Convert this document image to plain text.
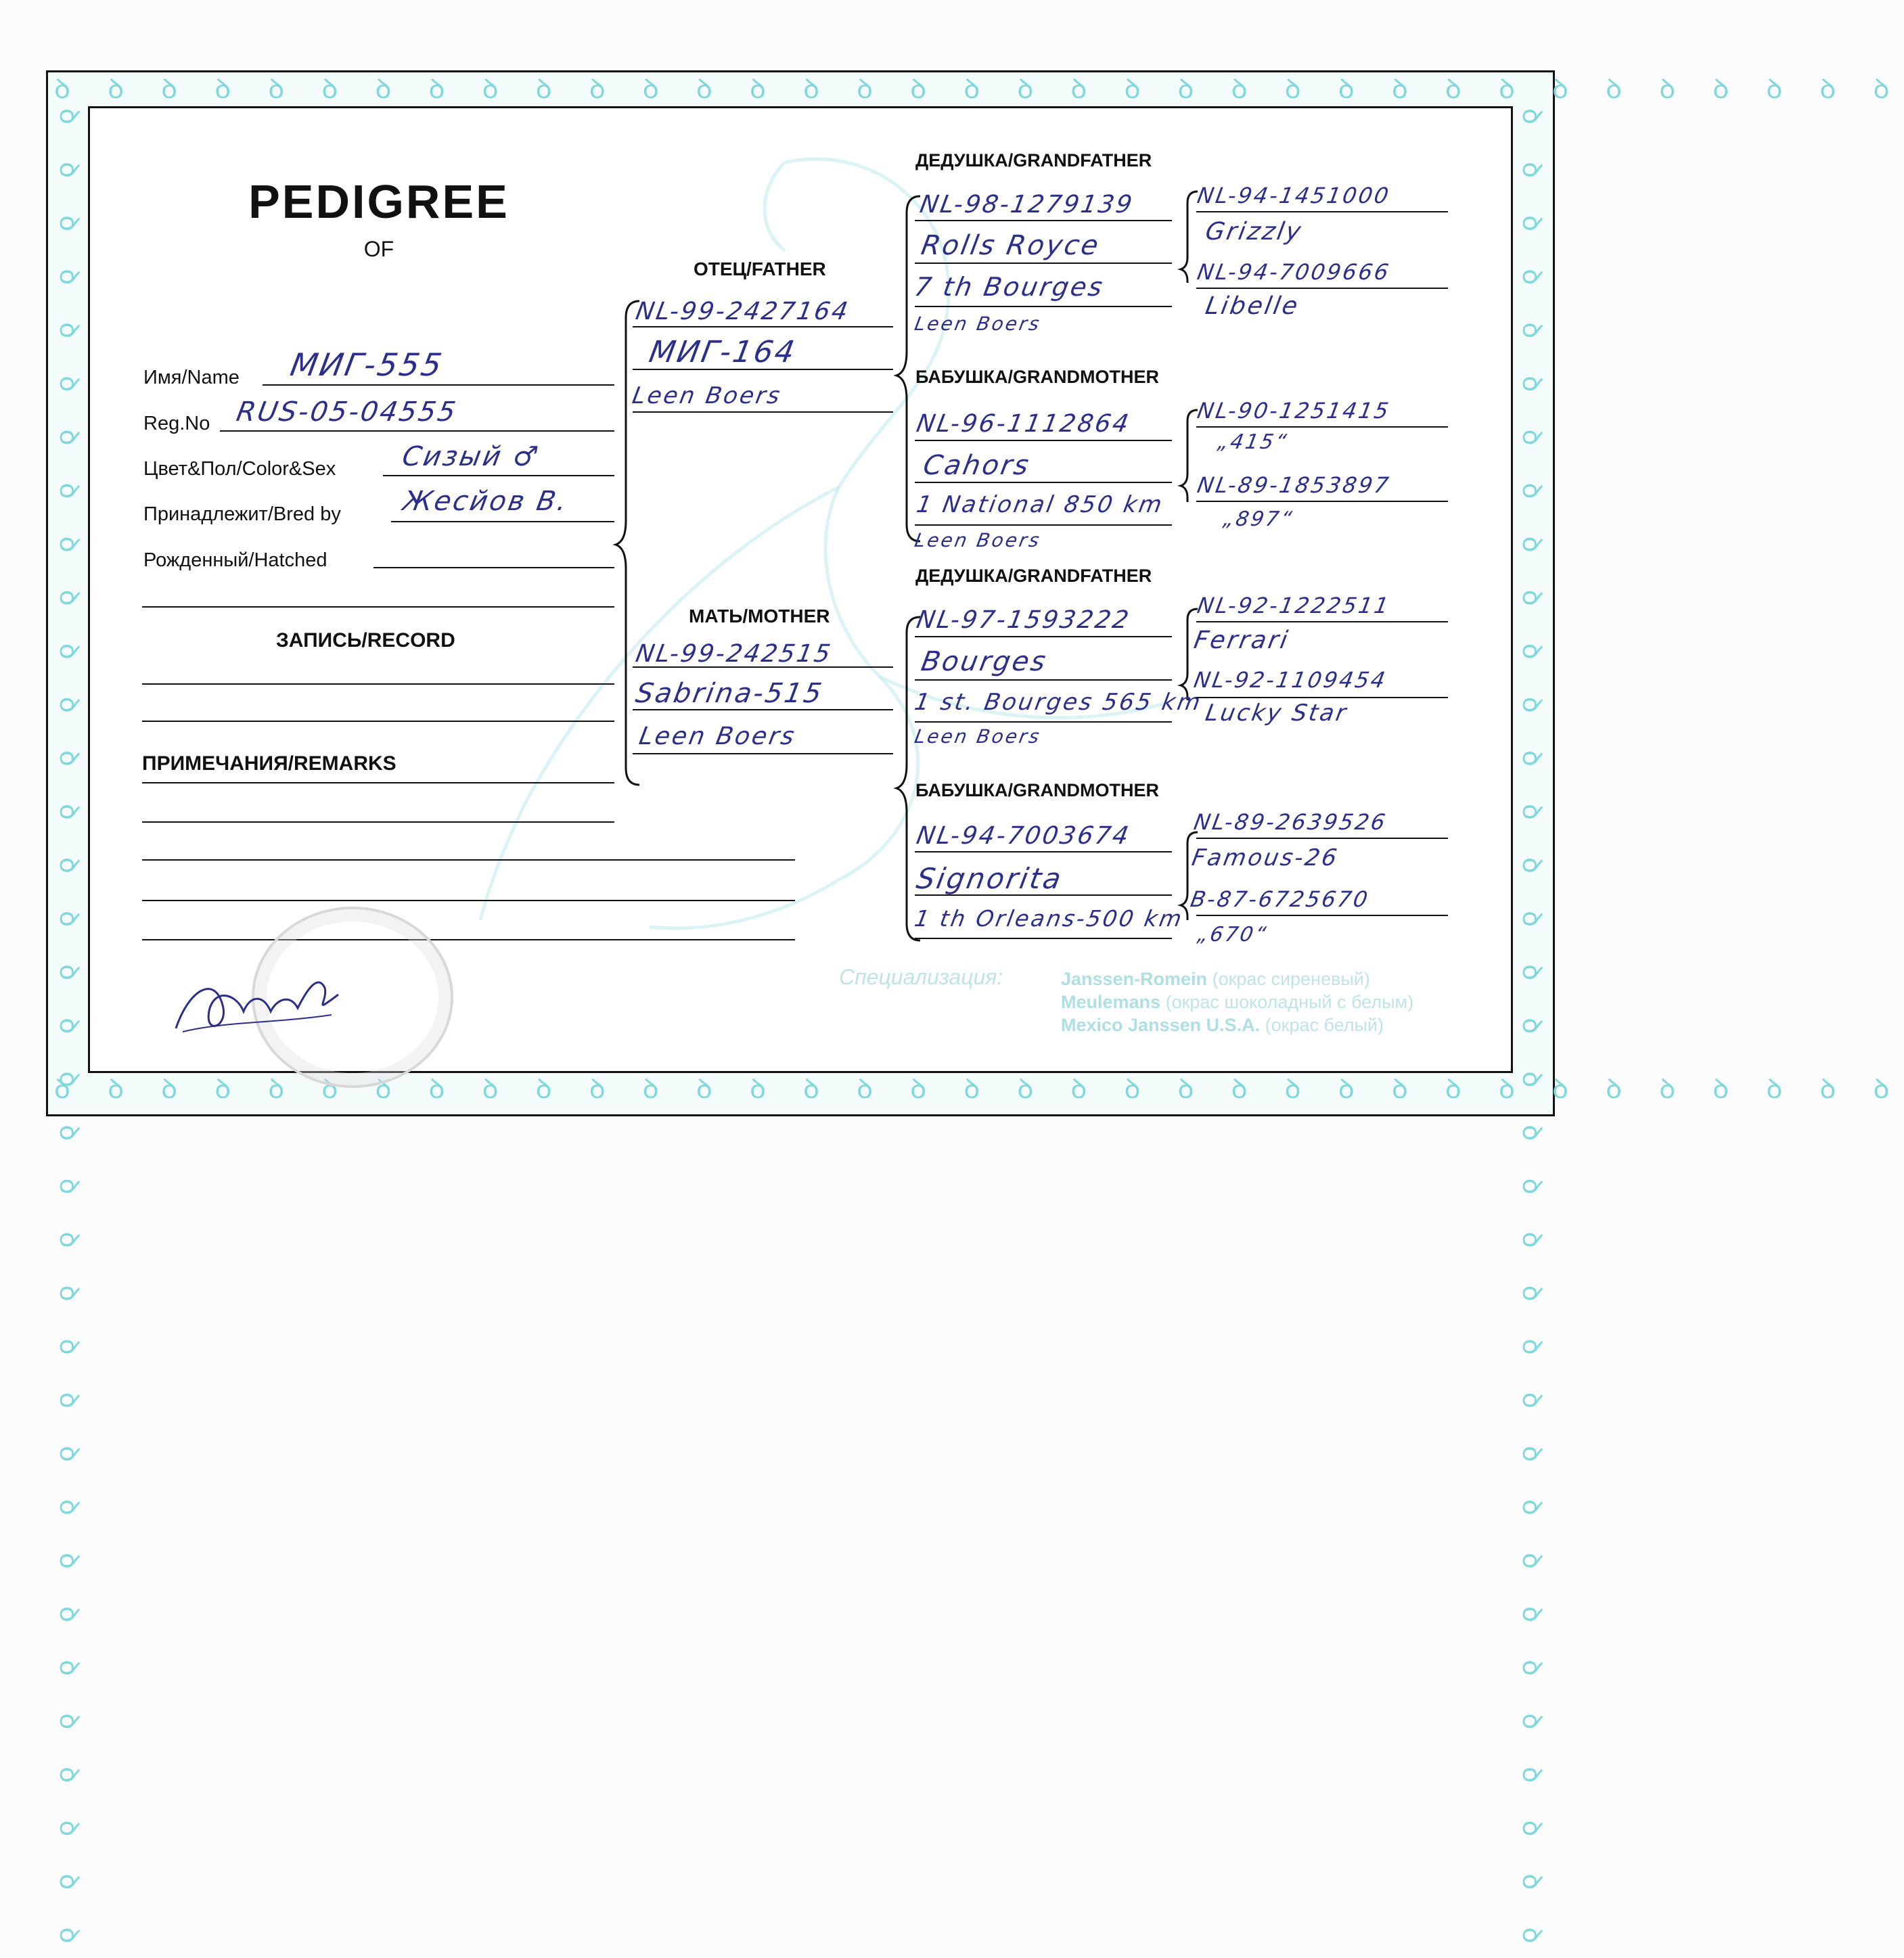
ꝺ ꝺ ꝺ ꝺ ꝺ ꝺ ꝺ ꝺ ꝺ ꝺ ꝺ ꝺ ꝺ ꝺ ꝺ ꝺ ꝺ ꝺ ꝺ ꝺ ꝺ ꝺ ꝺ ꝺ ꝺ ꝺ ꝺ ꝺ ꝺ ꝺ ꝺ ꝺ ꝺ ꝺ ꝺ
ꝺ ꝺ ꝺ ꝺ ꝺ ꝺ ꝺ ꝺ ꝺ ꝺ ꝺ ꝺ ꝺ ꝺ ꝺ ꝺ ꝺ ꝺ ꝺ ꝺ ꝺ ꝺ ꝺ ꝺ ꝺ ꝺ ꝺ ꝺ ꝺ ꝺ ꝺ ꝺ ꝺ ꝺ ꝺ
ꝺ ꝺ ꝺ ꝺ ꝺ ꝺ ꝺ ꝺ ꝺ ꝺ ꝺ ꝺ ꝺ ꝺ ꝺ ꝺ ꝺ ꝺ ꝺ ꝺ ꝺ ꝺ ꝺ ꝺ ꝺ ꝺ ꝺ ꝺ ꝺ ꝺ ꝺ ꝺ ꝺ ꝺ ꝺ	ꝺ ꝺ ꝺ ꝺ ꝺ ꝺ ꝺ ꝺ ꝺ ꝺ ꝺ ꝺ ꝺ ꝺ ꝺ ꝺ ꝺ ꝺ ꝺ ꝺ ꝺ ꝺ ꝺ ꝺ ꝺ ꝺ ꝺ ꝺ ꝺ ꝺ ꝺ ꝺ ꝺ ꝺ ꝺ
PEDIGREE
OF
Имя/Name МИГ-555
Reg.No RUS-05-04555
Цвет&Пол/Color&Sex Сизый ♂
Принадлежит/Bred by Жесйов В.
Рожденный/Hatched
ЗАПИСЬ/RECORD
ПРИМЕЧАНИЯ/REMARKS
ОТЕЦ/FATHER
NL-99-2427164
МИГ-164
Leen Boers
МАТЬ/MOTHER
NL-99-242515
Sabrina-515
Leen Boers
ДЕДУШКА/GRANDFATHER
NL-98-1279139
Rolls Royce
7 th Bourges
Leen Boers
NL-94-1451000
Grizzly
NL-94-7009666
Libelle
БАБУШКА/GRANDMOTHER
NL-96-1112864
Cahors
1 National 850 km
Leen Boers
NL-90-1251415
„415“
NL-89-1853897
„897“
ДЕДУШКА/GRANDFATHER
NL-97-1593222
Bourges
1 st. Bourges 565 km
Leen Boers
NL-92-1222511
Ferrari
NL-92-1109454
Lucky Star
БАБУШКА/GRANDMOTHER
NL-94-7003674
Signorita
1 th Orleans-500 km
NL-89-2639526
Famous-26
B-87-6725670
„670“
Специализация:	Janssen-Romein (окрас сиреневый)
Meulemans (окрас шоколадный с белым)
Mexico Janssen U.S.A. (окрас белый)
